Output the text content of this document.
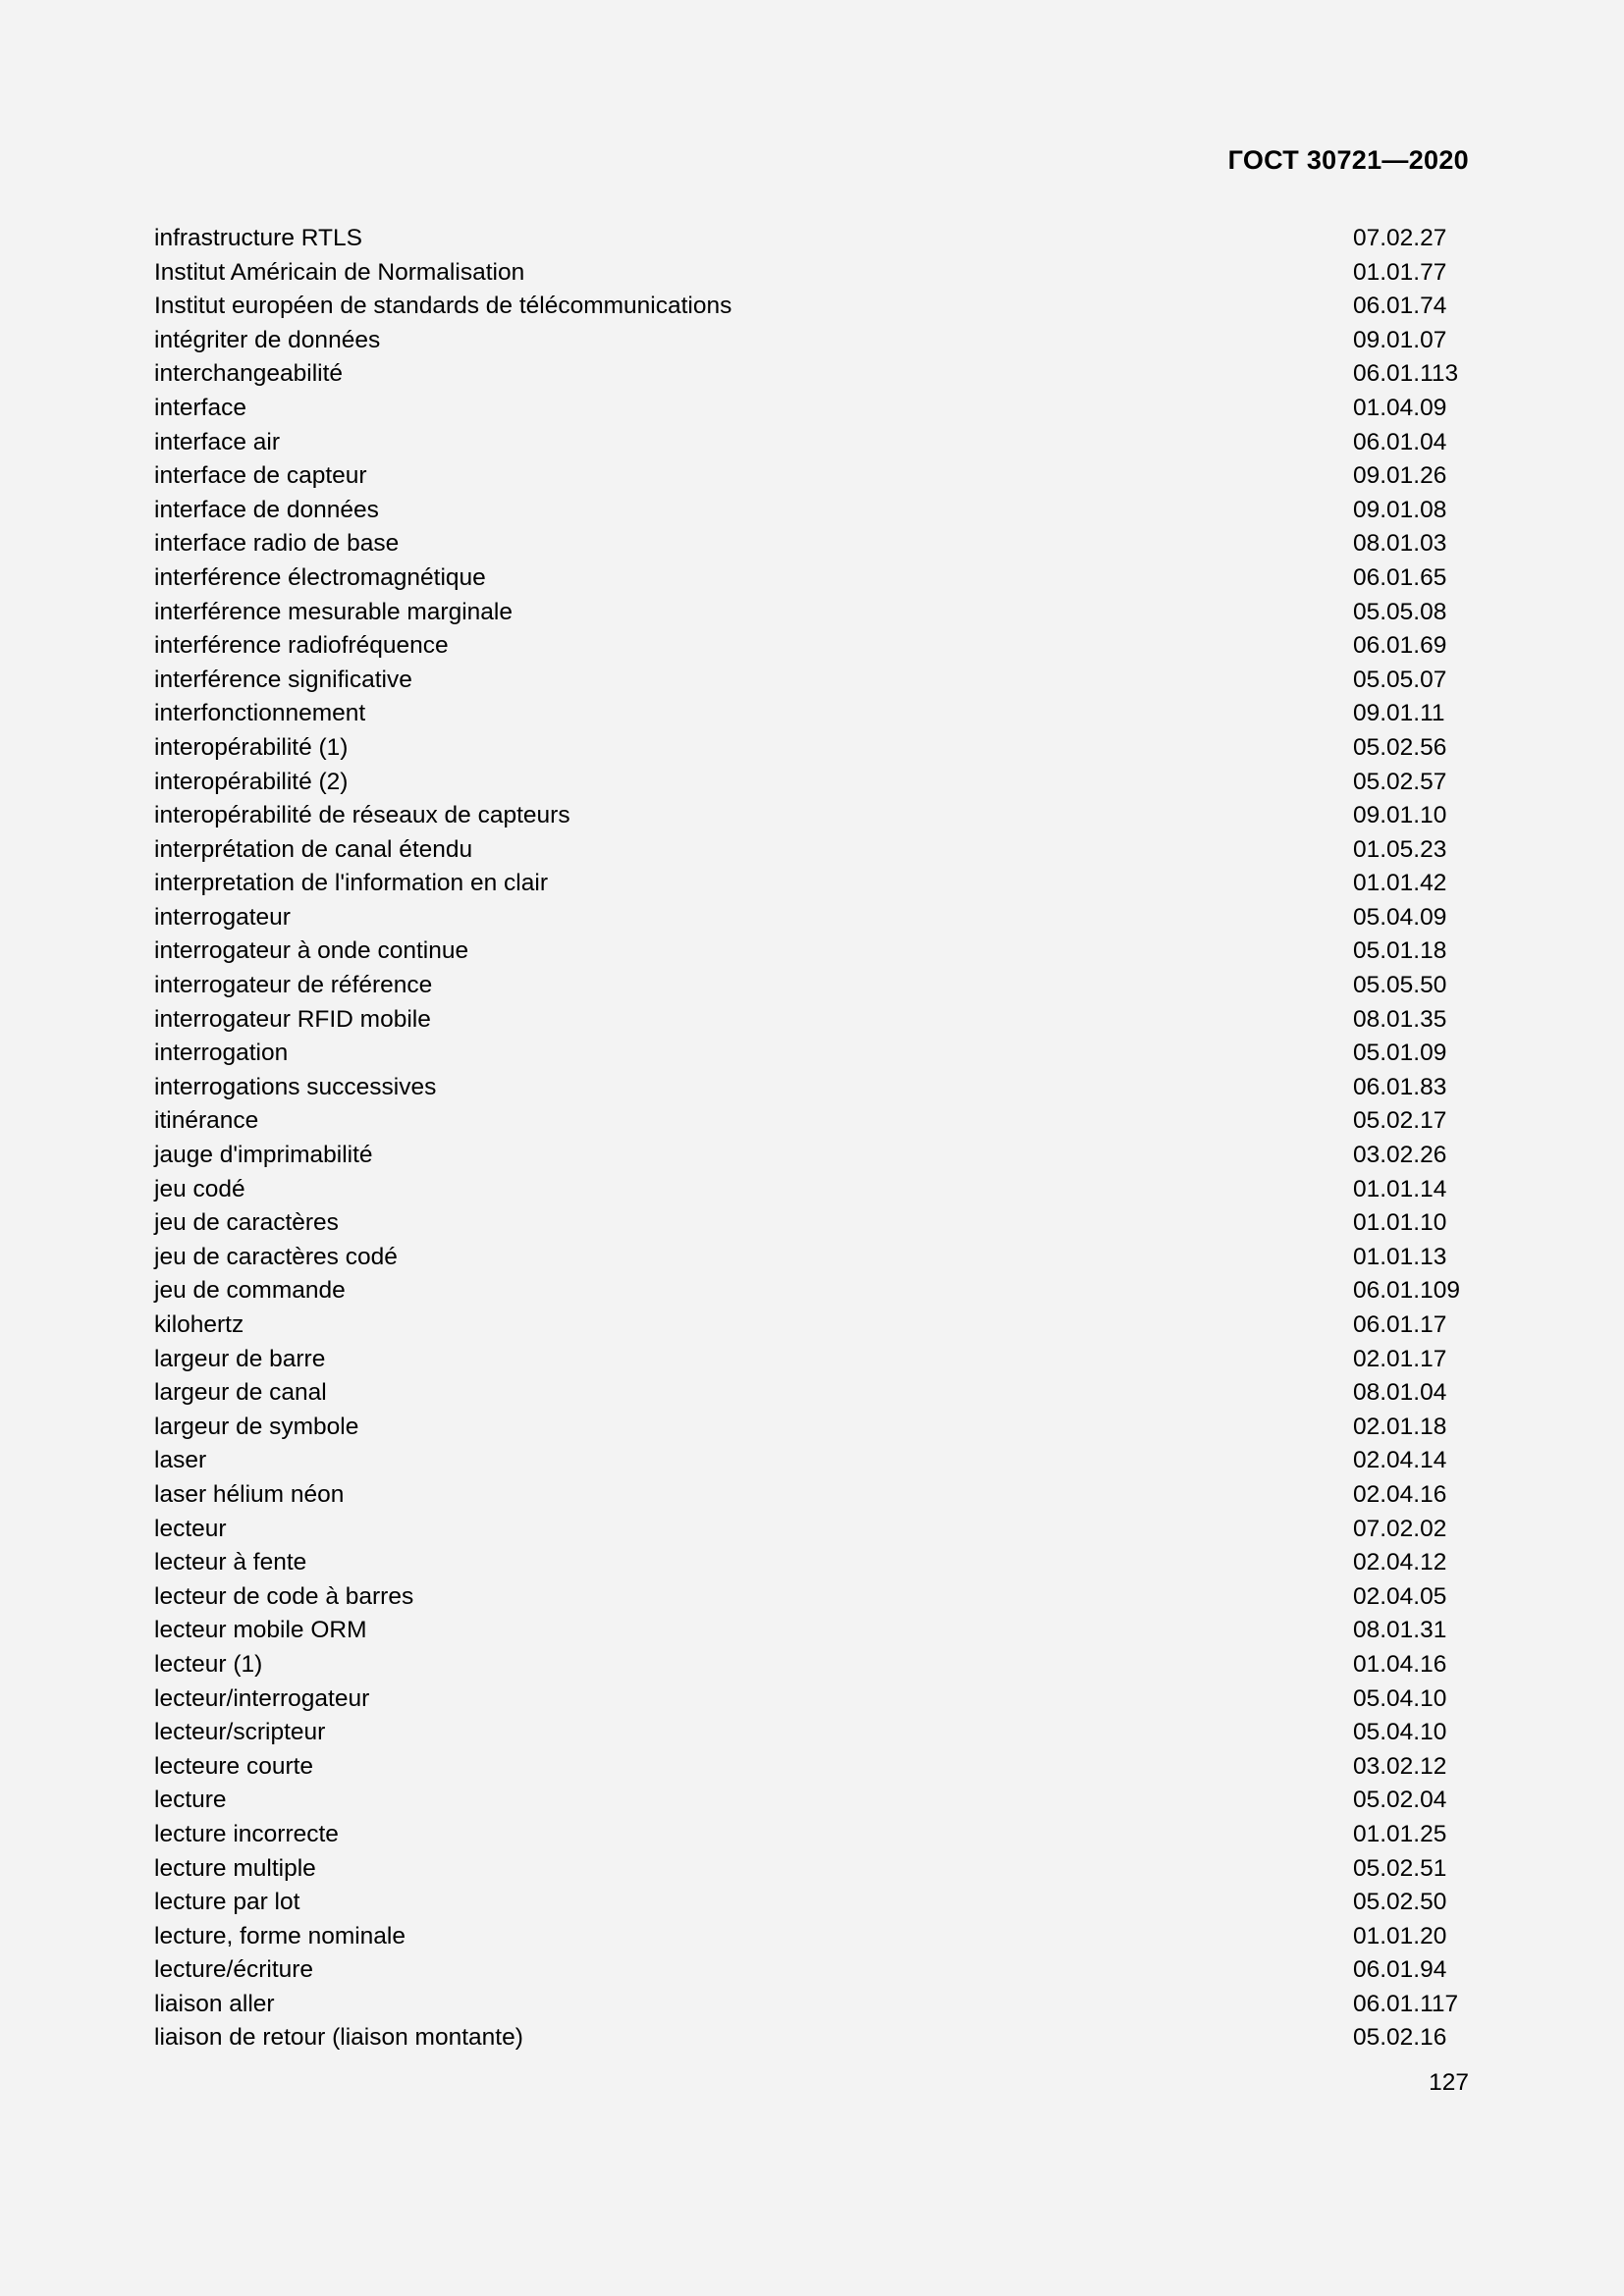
ГОСТ 30721—2020
infrastructure RTLS	07.02.27
Institut Américain de Normalisation	01.01.77
Institut européen de standards de télécommunications	06.01.74
intégriter de données	09.01.07
interchangeabilité	06.01.113
interface	01.04.09
interface air	06.01.04
interface de capteur	09.01.26
interface de données	09.01.08
interface radio de base	08.01.03
interférence électromagnétique	06.01.65
interférence mesurable marginale	05.05.08
interférence radiofréquence	06.01.69
interférence significative	05.05.07
interfonctionnement	09.01.11
interopérabilité (1)	05.02.56
interopérabilité (2)	05.02.57
interopérabilité de réseaux de capteurs	09.01.10
interprétation de canal étendu	01.05.23
interpretation de l'information en clair	01.01.42
interrogateur	05.04.09
interrogateur à onde continue	05.01.18
interrogateur de référence	05.05.50
interrogateur RFID mobile	08.01.35
interrogation	05.01.09
interrogations successives	06.01.83
itinérance	05.02.17
jauge d'imprimabilité	03.02.26
jeu codé	01.01.14
jeu de caractères	01.01.10
jeu de caractères codé	01.01.13
jeu de commande	06.01.109
kilohertz	06.01.17
largeur de barre	02.01.17
largeur de canal	08.01.04
largeur de symbole	02.01.18
laser	02.04.14
laser hélium néon	02.04.16
lecteur	07.02.02
lecteur à fente	02.04.12
lecteur de code à barres	02.04.05
lecteur mobile ORM	08.01.31
lecteur (1)	01.04.16
lecteur/interrogateur	05.04.10
lecteur/scripteur	05.04.10
lecteure courte	03.02.12
lecture	05.02.04
lecture incorrecte	01.01.25
lecture multiple	05.02.51
lecture par lot	05.02.50
lecture, forme nominale	01.01.20
lecture/écriture	06.01.94
liaison aller	06.01.117
liaison de retour (liaison montante)	05.02.16
127
